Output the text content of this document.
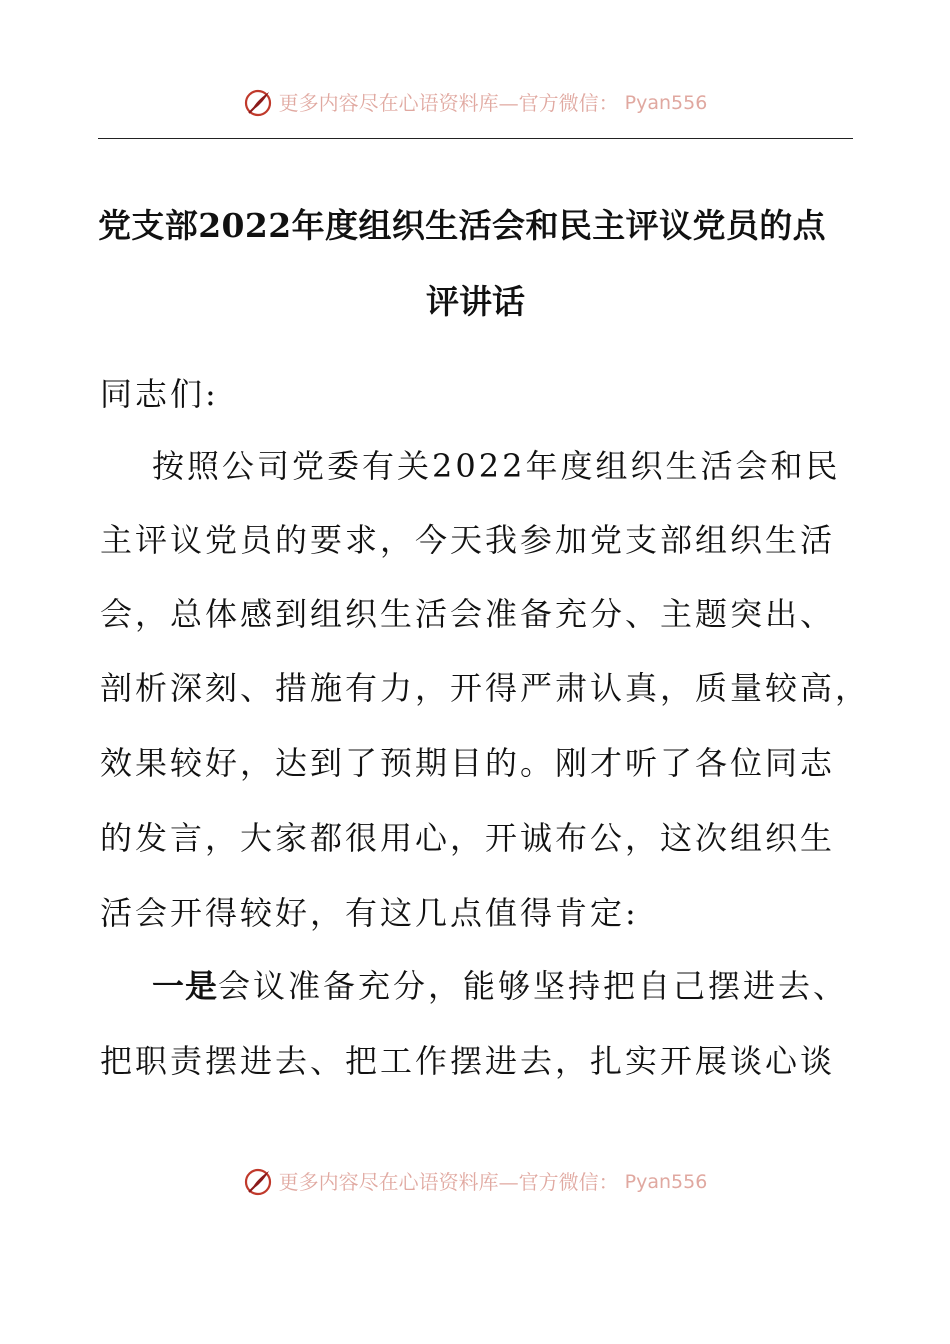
更多内容尽在心语资料库—官方微信： Pyan556
党支部2022年度组织生活会和民主评议党员的点
评讲话
同志们:
按照公司党委有关2022年度组织生活会和民
主评议党员的要求，今天我参加党支部组织生活
会，总体感到组织生活会准备充分、主题突出、
剖析深刻、措施有力，开得严肃认真，质量较高，
效果较好，达到了预期目的。刚才听了各位同志
的发言，大家都很用心，开诚布公，这次组织生
活会开得较好，有这几点值得肯定:
一是会议准备充分，能够坚持把自己摆进去、
把职责摆进去、把工作摆进去，扎实开展谈心谈
更多内容尽在心语资料库—官方微信： Pyan556
